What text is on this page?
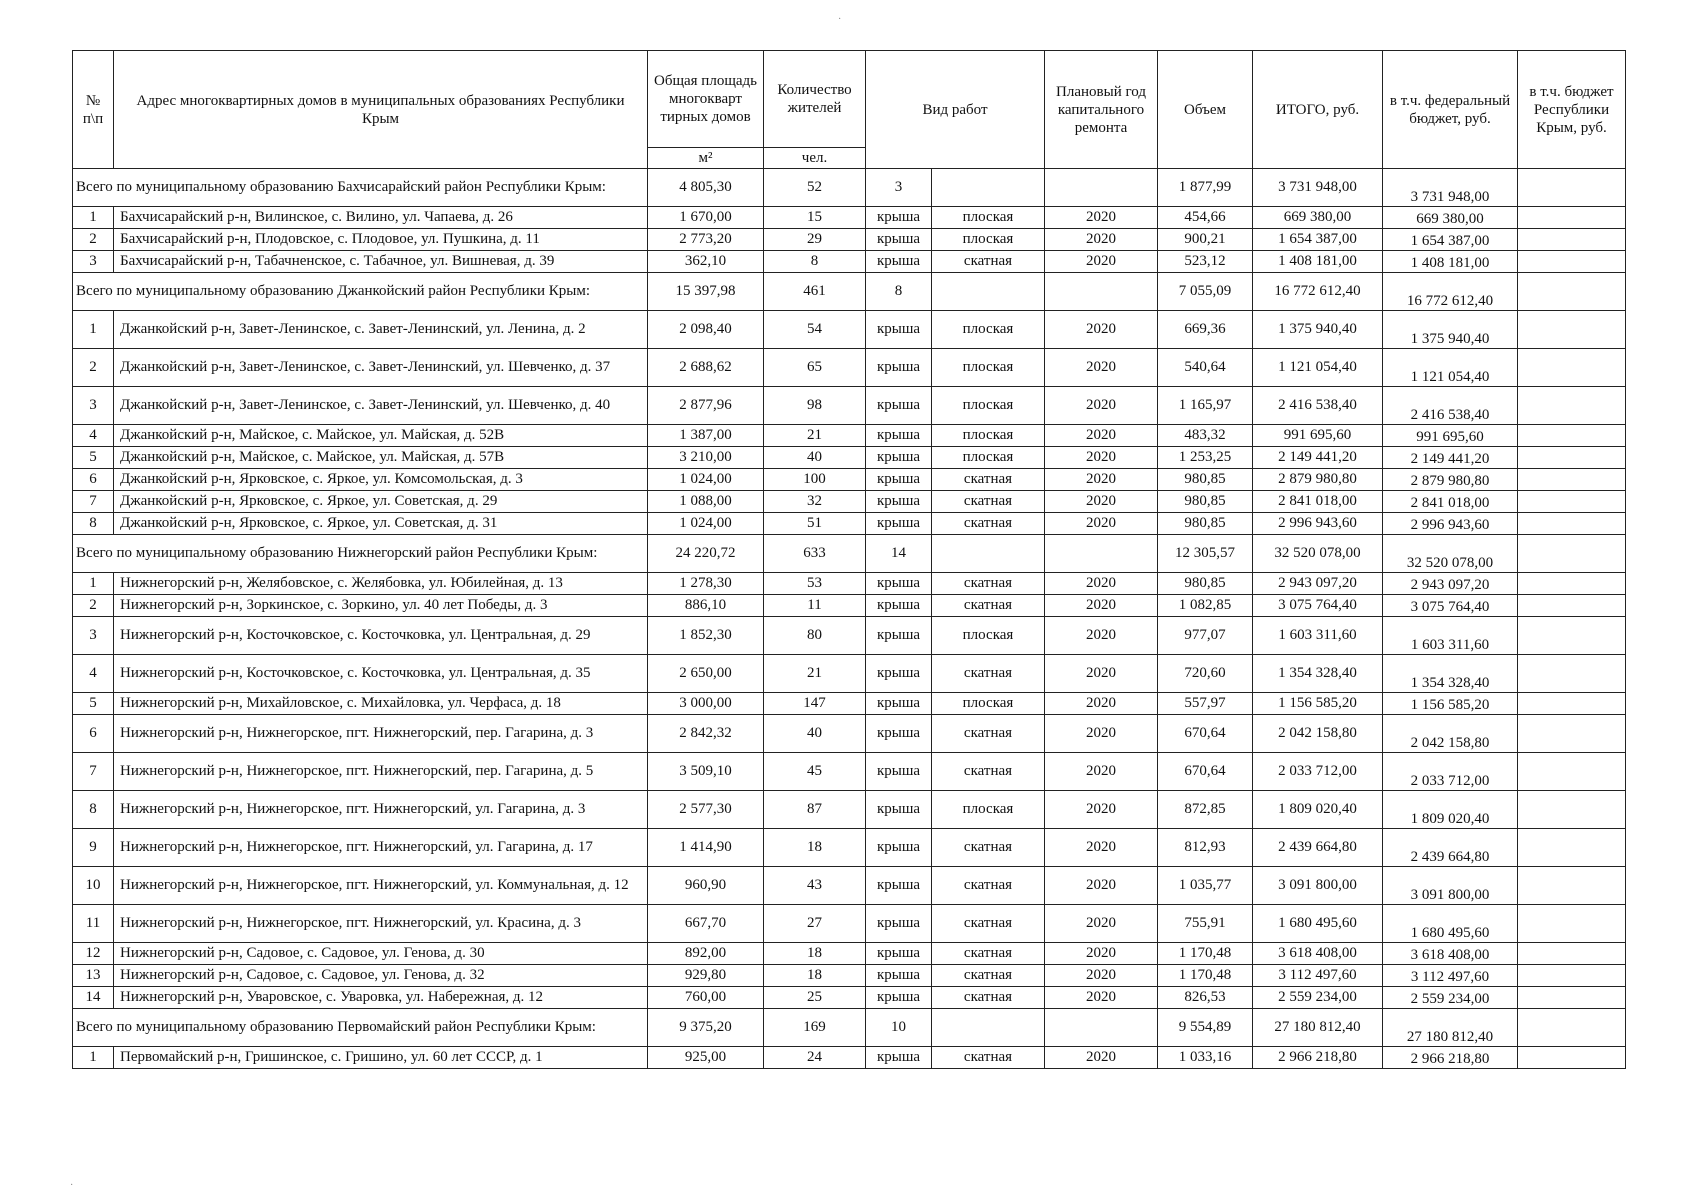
·
·
№ п\п	Адрес многоквартирных домов в муниципальных образованиях Республики Крым	Общая площадь многокварт тирных домов	Количество жителей	Вид работ		Плановый год капитального ремонта	Объем	ИТОГО, руб.	в т.ч. федеральный бюджет, руб.	в т.ч. бюджет Республики Крым, руб.
		м²	чел.							
Всего по муниципальному образованию Бахчисарайский район Республики Крым:		4 805,30	52	3			1 877,99	3 731 948,00	3 731 948,00	
1	Бахчисарайский р-н, Вилинское, с. Вилино, ул. Чапаева, д. 26	1 670,00	15	крыша	плоская	2020	454,66	669 380,00	669 380,00	
2	Бахчисарайский р-н, Плодовское, с. Плодовое, ул. Пушкина, д. 11	2 773,20	29	крыша	плоская	2020	900,21	1 654 387,00	1 654 387,00	
3	Бахчисарайский р-н, Табачненское, с. Табачное, ул. Вишневая, д. 39	362,10	8	крыша	скатная	2020	523,12	1 408 181,00	1 408 181,00	
Всего по муниципальному образованию Джанкойский район Республики Крым:		15 397,98	461	8			7 055,09	16 772 612,40	16 772 612,40	
1	Джанкойский р-н, Завет-Ленинское, с. Завет-Ленинский, ул. Ленина, д. 2	2 098,40	54	крыша	плоская	2020	669,36	1 375 940,40	1 375 940,40	
2	Джанкойский р-н, Завет-Ленинское, с. Завет-Ленинский, ул. Шевченко, д. 37	2 688,62	65	крыша	плоская	2020	540,64	1 121 054,40	1 121 054,40	
3	Джанкойский р-н, Завет-Ленинское, с. Завет-Ленинский, ул. Шевченко, д. 40	2 877,96	98	крыша	плоская	2020	1 165,97	2 416 538,40	2 416 538,40	
4	Джанкойский р-н, Майское, с. Майское, ул. Майская, д. 52В	1 387,00	21	крыша	плоская	2020	483,32	991 695,60	991 695,60	
5	Джанкойский р-н, Майское, с. Майское, ул. Майская, д. 57В	3 210,00	40	крыша	плоская	2020	1 253,25	2 149 441,20	2 149 441,20	
6	Джанкойский р-н, Ярковское, с. Яркое, ул. Комсомольская, д. 3	1 024,00	100	крыша	скатная	2020	980,85	2 879 980,80	2 879 980,80	
7	Джанкойский р-н, Ярковское, с. Яркое, ул. Советская, д. 29	1 088,00	32	крыша	скатная	2020	980,85	2 841 018,00	2 841 018,00	
8	Джанкойский р-н, Ярковское, с. Яркое, ул. Советская, д. 31	1 024,00	51	крыша	скатная	2020	980,85	2 996 943,60	2 996 943,60	
Всего по муниципальному образованию Нижнегорский район Республики Крым:		24 220,72	633	14			12 305,57	32 520 078,00	32 520 078,00	
1	Нижнегорский р-н, Желябовское, с. Желябовка, ул. Юбилейная, д. 13	1 278,30	53	крыша	скатная	2020	980,85	2 943 097,20	2 943 097,20	
2	Нижнегорский р-н, Зоркинское, с. Зоркино, ул. 40 лет Победы, д. 3	886,10	11	крыша	скатная	2020	1 082,85	3 075 764,40	3 075 764,40	
3	Нижнегорский р-н, Косточковское, с. Косточковка, ул. Центральная, д. 29	1 852,30	80	крыша	плоская	2020	977,07	1 603 311,60	1 603 311,60	
4	Нижнегорский р-н, Косточковское, с. Косточковка, ул. Центральная, д. 35	2 650,00	21	крыша	скатная	2020	720,60	1 354 328,40	1 354 328,40	
5	Нижнегорский р-н, Михайловское, с. Михайловка, ул. Черфаса, д. 18	3 000,00	147	крыша	плоская	2020	557,97	1 156 585,20	1 156 585,20	
6	Нижнегорский р-н, Нижнегорское, пгт. Нижнегорский, пер. Гагарина, д. 3	2 842,32	40	крыша	скатная	2020	670,64	2 042 158,80	2 042 158,80	
7	Нижнегорский р-н, Нижнегорское, пгт. Нижнегорский, пер. Гагарина, д. 5	3 509,10	45	крыша	скатная	2020	670,64	2 033 712,00	2 033 712,00	
8	Нижнегорский р-н, Нижнегорское, пгт. Нижнегорский, ул. Гагарина, д. 3	2 577,30	87	крыша	плоская	2020	872,85	1 809 020,40	1 809 020,40	
9	Нижнегорский р-н, Нижнегорское, пгт. Нижнегорский, ул. Гагарина, д. 17	1 414,90	18	крыша	скатная	2020	812,93	2 439 664,80	2 439 664,80	
10	Нижнегорский р-н, Нижнегорское, пгт. Нижнегорский, ул. Коммунальная, д. 12	960,90	43	крыша	скатная	2020	1 035,77	3 091 800,00	3 091 800,00	
11	Нижнегорский р-н, Нижнегорское, пгт. Нижнегорский, ул. Красина, д. 3	667,70	27	крыша	скатная	2020	755,91	1 680 495,60	1 680 495,60	
12	Нижнегорский р-н, Садовое, с. Садовое, ул. Генова, д. 30	892,00	18	крыша	скатная	2020	1 170,48	3 618 408,00	3 618 408,00	
13	Нижнегорский р-н, Садовое, с. Садовое, ул. Генова, д. 32	929,80	18	крыша	скатная	2020	1 170,48	3 112 497,60	3 112 497,60	
14	Нижнегорский р-н, Уваровское, с. Уваровка, ул. Набережная, д. 12	760,00	25	крыша	скатная	2020	826,53	2 559 234,00	2 559 234,00	
Всего по муниципальному образованию Первомайский район Республики Крым:		9 375,20	169	10			9 554,89	27 180 812,40	27 180 812,40	
1	Первомайский р-н, Гришинское, с. Гришино, ул. 60 лет СССР, д. 1	925,00	24	крыша	скатная	2020	1 033,16	2 966 218,80	2 966 218,80	
